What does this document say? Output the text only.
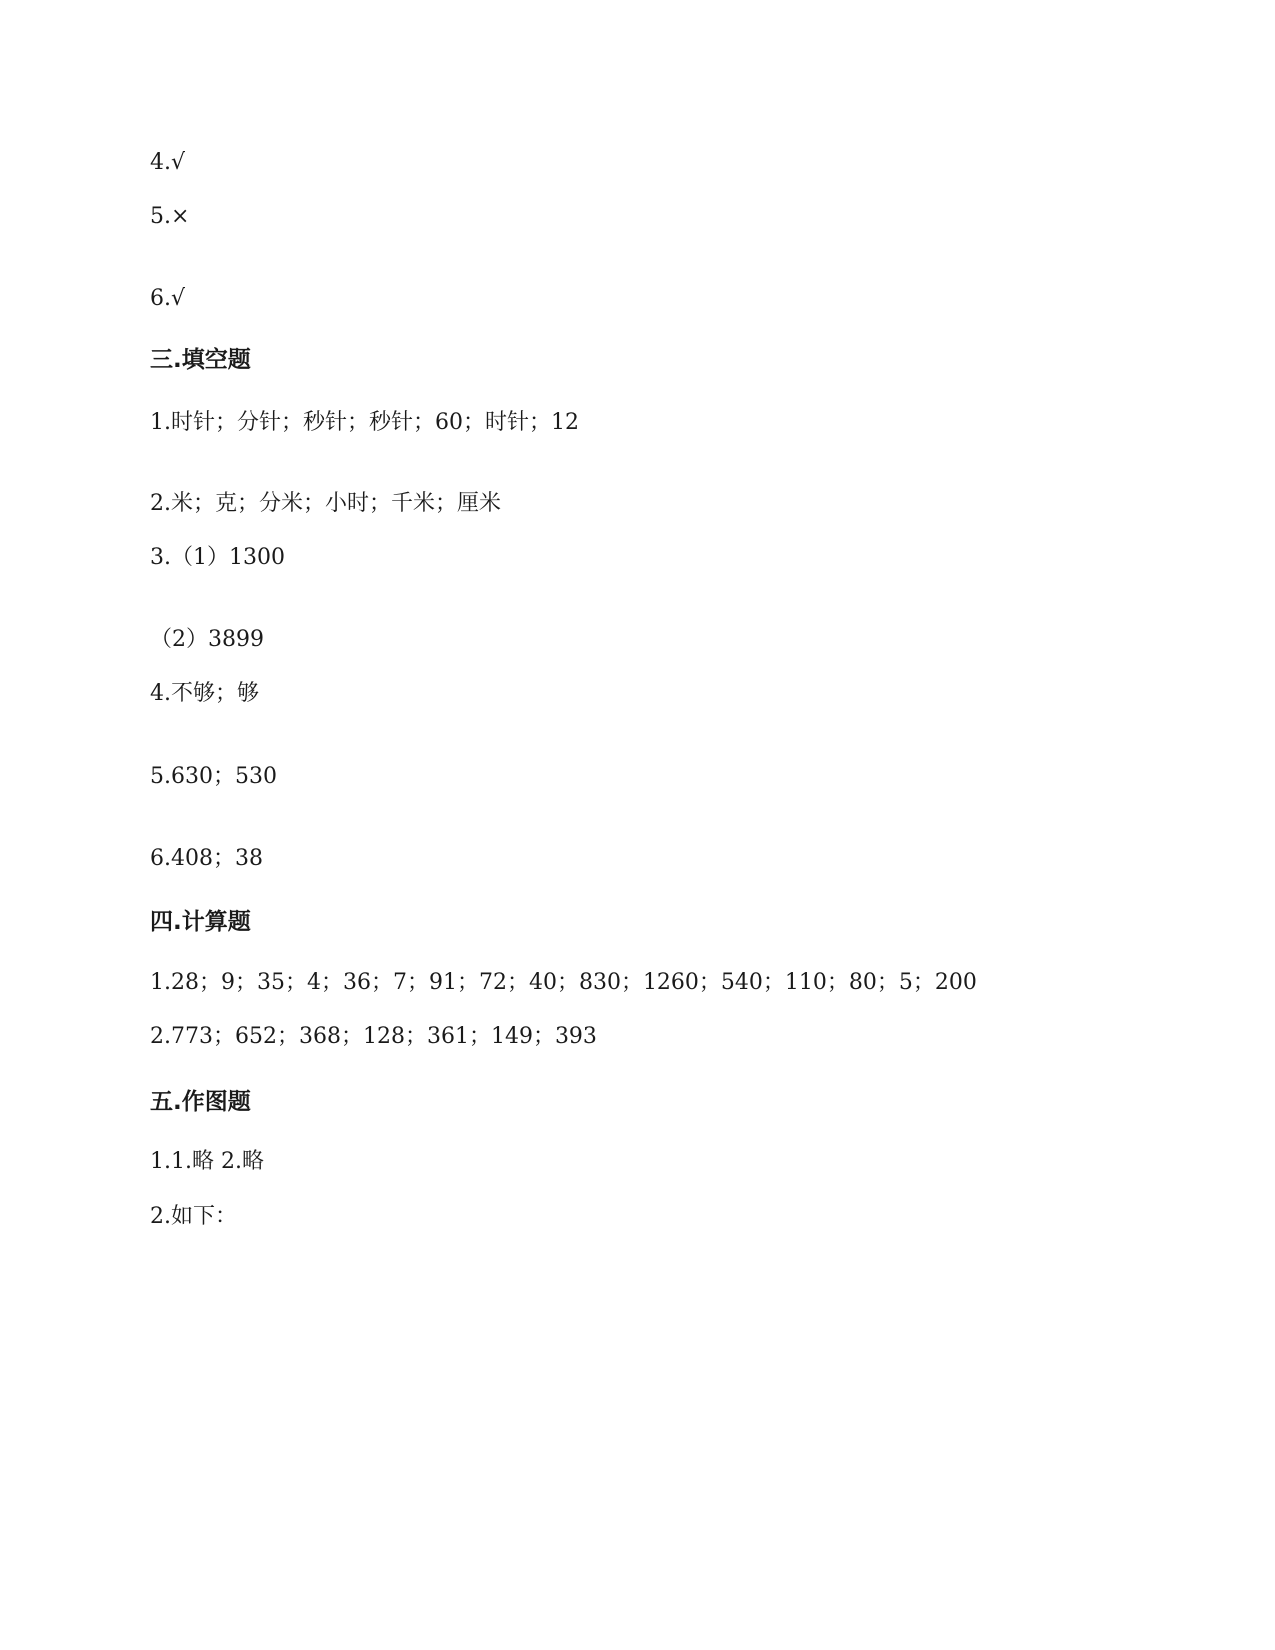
4.√
5.×
6.√
三.填空题
1.时针；分针；秒针；秒针；60；时针；12
2.米；克；分米；小时；千米；厘米
3.（1）1300
（2）3899
4.不够；够
5.630；530
6.408；38
四.计算题
1.28；9；35；4；36；7；91；72；40；830；1260；540；110；80；5；200
2.773；652；368；128；361；149；393
五.作图题
1.1.略 2.略
2.如下：
